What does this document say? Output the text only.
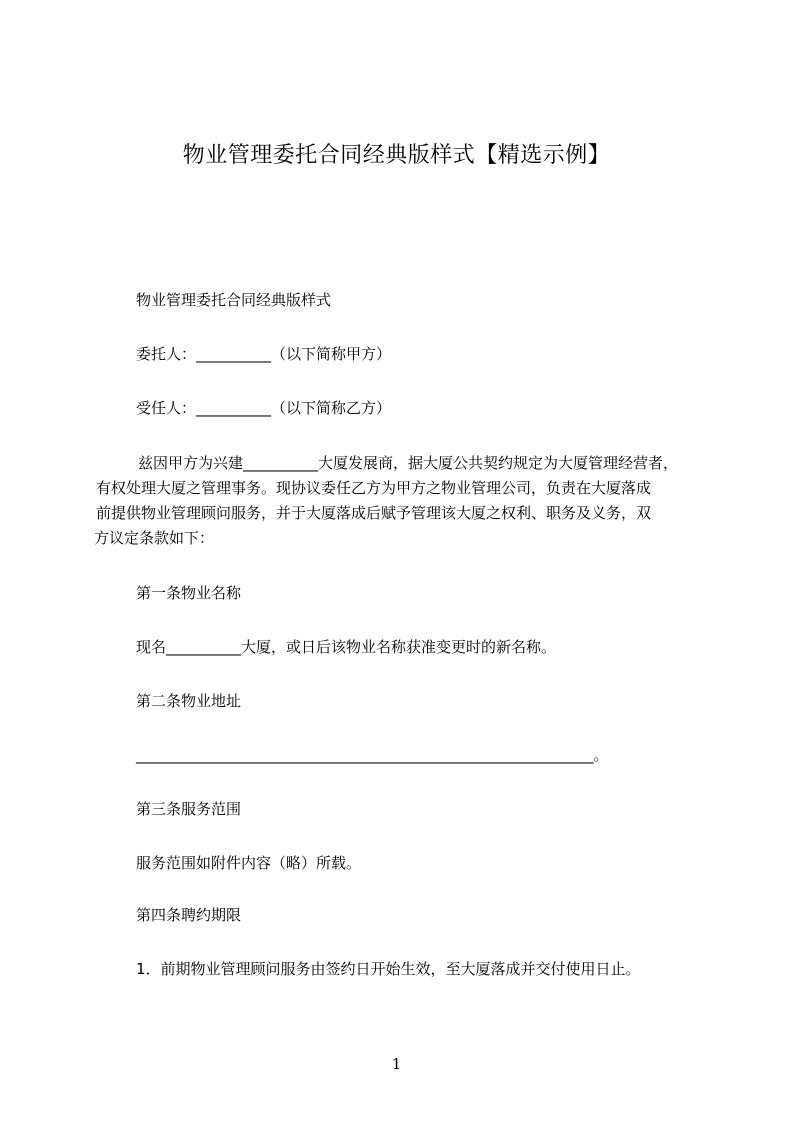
物业管理委托合同经典版样式【精选示例】
物业管理委托合同经典版样式
委托人：__________（以下简称甲方）
受任人：__________（以下简称乙方）
兹因甲方为兴建__________大厦发展商，据大厦公共契约规定为大厦管理经营者，
有权处理大厦之管理事务。现协议委任乙方为甲方之物业管理公司，负责在大厦落成
前提供物业管理顾问服务，并于大厦落成后赋予管理该大厦之权利、职务及义务，双
方议定条款如下：
第一条物业名称
现名__________大厦，或日后该物业名称获准变更时的新名称。
第二条物业地址
_____________________________________________________________。
第三条服务范围
服务范围如附件内容（略）所载。
第四条聘约期限
1．前期物业管理顾问服务由签约日开始生效，至大厦落成并交付使用日止。
1
